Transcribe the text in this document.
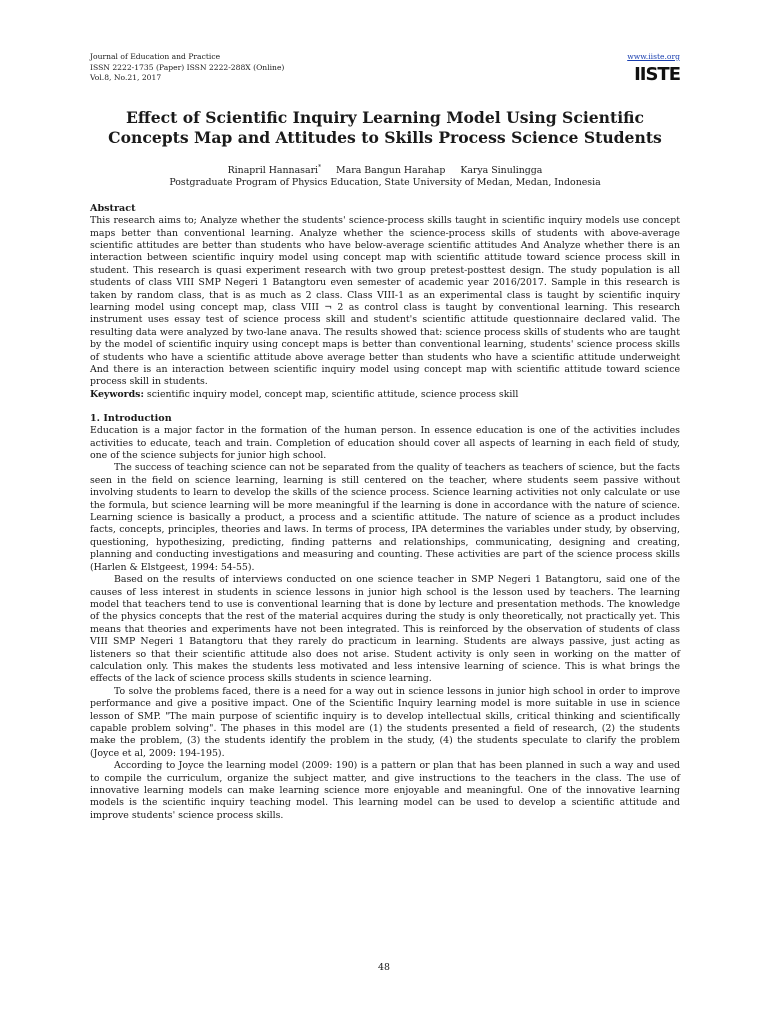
Journal of Education and Practice
ISSN 2222-1735 (Paper) ISSN 2222-288X (Online)
Vol.8, No.21, 2017
www.iiste.org
IISTE
Effect of Scientific Inquiry Learning Model Using Scientific
Concepts Map and Attitudes to Skills Process Science Students
Rinapril Hannasari* Mara Bangun Harahap Karya Sinulingga
Postgraduate Program of Physics Education, State University of Medan, Medan, Indonesia
Abstract

This research aims to; Analyze whether the students' science-process skills taught in scientific inquiry models use concept maps better than conventional learning. Analyze whether the science-process skills of students with above-average scientific attitudes are better than students who have below-average scientific attitudes And Analyze whether there is an interaction between scientific inquiry model using concept map with scientific attitude toward science process skill in student. This research is quasi experiment research with two group pretest-posttest design. The study population is all students of class VIII SMP Negeri 1 Batangtoru even semester of academic year 2016/2017. Sample in this research is taken by random class, that is as much as 2 class. Class VIII-1 as an experimental class is taught by scientific inquiry learning model using concept map, class VIII ¬ 2 as control class is taught by conventional learning. This research instrument uses essay test of science process skill and student's scientific attitude questionnaire declared valid. The resulting data were analyzed by two-lane anava. The results showed that: science process skills of students who are taught by the model of scientific inquiry using concept maps is better than conventional learning, students' science process skills of students who have a scientific attitude above average better than students who have a scientific attitude underweight And there is an interaction between scientific inquiry model using concept map with scientific attitude toward science process skill in students.

Keywords: scientific inquiry model, concept map, scientific attitude, science process skill

1. Introduction

Education is a major factor in the formation of the human person. In essence education is one of the activities includes activities to educate, teach and train. Completion of education should cover all aspects of learning in each field of study, one of the science subjects for junior high school.

The success of teaching science can not be separated from the quality of teachers as teachers of science, but the facts seen in the field on science learning, learning is still centered on the teacher, where students seem passive without involving students to learn to develop the skills of the science process. Science learning activities not only calculate or use the formula, but science learning will be more meaningful if the learning is done in accordance with the nature of science. Learning science is basically a product, a process and a scientific attitude. The nature of science as a product includes facts, concepts, principles, theories and laws. In terms of process, IPA determines the variables under study, by observing, questioning, hypothesizing, predicting, finding patterns and relationships, communicating, designing and creating, planning and conducting investigations and measuring and counting. These activities are part of the science process skills (Harlen & Elstgeest, 1994: 54-55).

Based on the results of interviews conducted on one science teacher in SMP Negeri 1 Batangtoru, said one of the causes of less interest in students in science lessons in junior high school is the lesson used by teachers. The learning model that teachers tend to use is conventional learning that is done by lecture and presentation methods. The knowledge of the physics concepts that the rest of the material acquires during the study is only theoretically, not practically yet. This means that theories and experiments have not been integrated. This is reinforced by the observation of students of class VIII SMP Negeri 1 Batangtoru that they rarely do practicum in learning. Students are always passive, just acting as listeners so that their scientific attitude also does not arise. Student activity is only seen in working on the matter of calculation only. This makes the students less motivated and less intensive learning of science. This is what brings the effects of the lack of science process skills students in science learning.

To solve the problems faced, there is a need for a way out in science lessons in junior high school in order to improve performance and give a positive impact. One of the Scientific Inquiry learning model is more suitable in use in science lesson of SMP. "The main purpose of scientific inquiry is to develop intellectual skills, critical thinking and scientifically capable problem solving". The phases in this model are (1) the students presented a field of research, (2) the students make the problem, (3) the students identify the problem in the study, (4) the students speculate to clarify the problem (Joyce et al, 2009: 194-195).

According to Joyce the learning model (2009: 190) is a pattern or plan that has been planned in such a way and used to compile the curriculum, organize the subject matter, and give instructions to the teachers in the class. The use of innovative learning models can make learning science more enjoyable and meaningful. One of the innovative learning models is the scientific inquiry teaching model. This learning model can be used to develop a scientific attitude and improve students' science process skills.

48
